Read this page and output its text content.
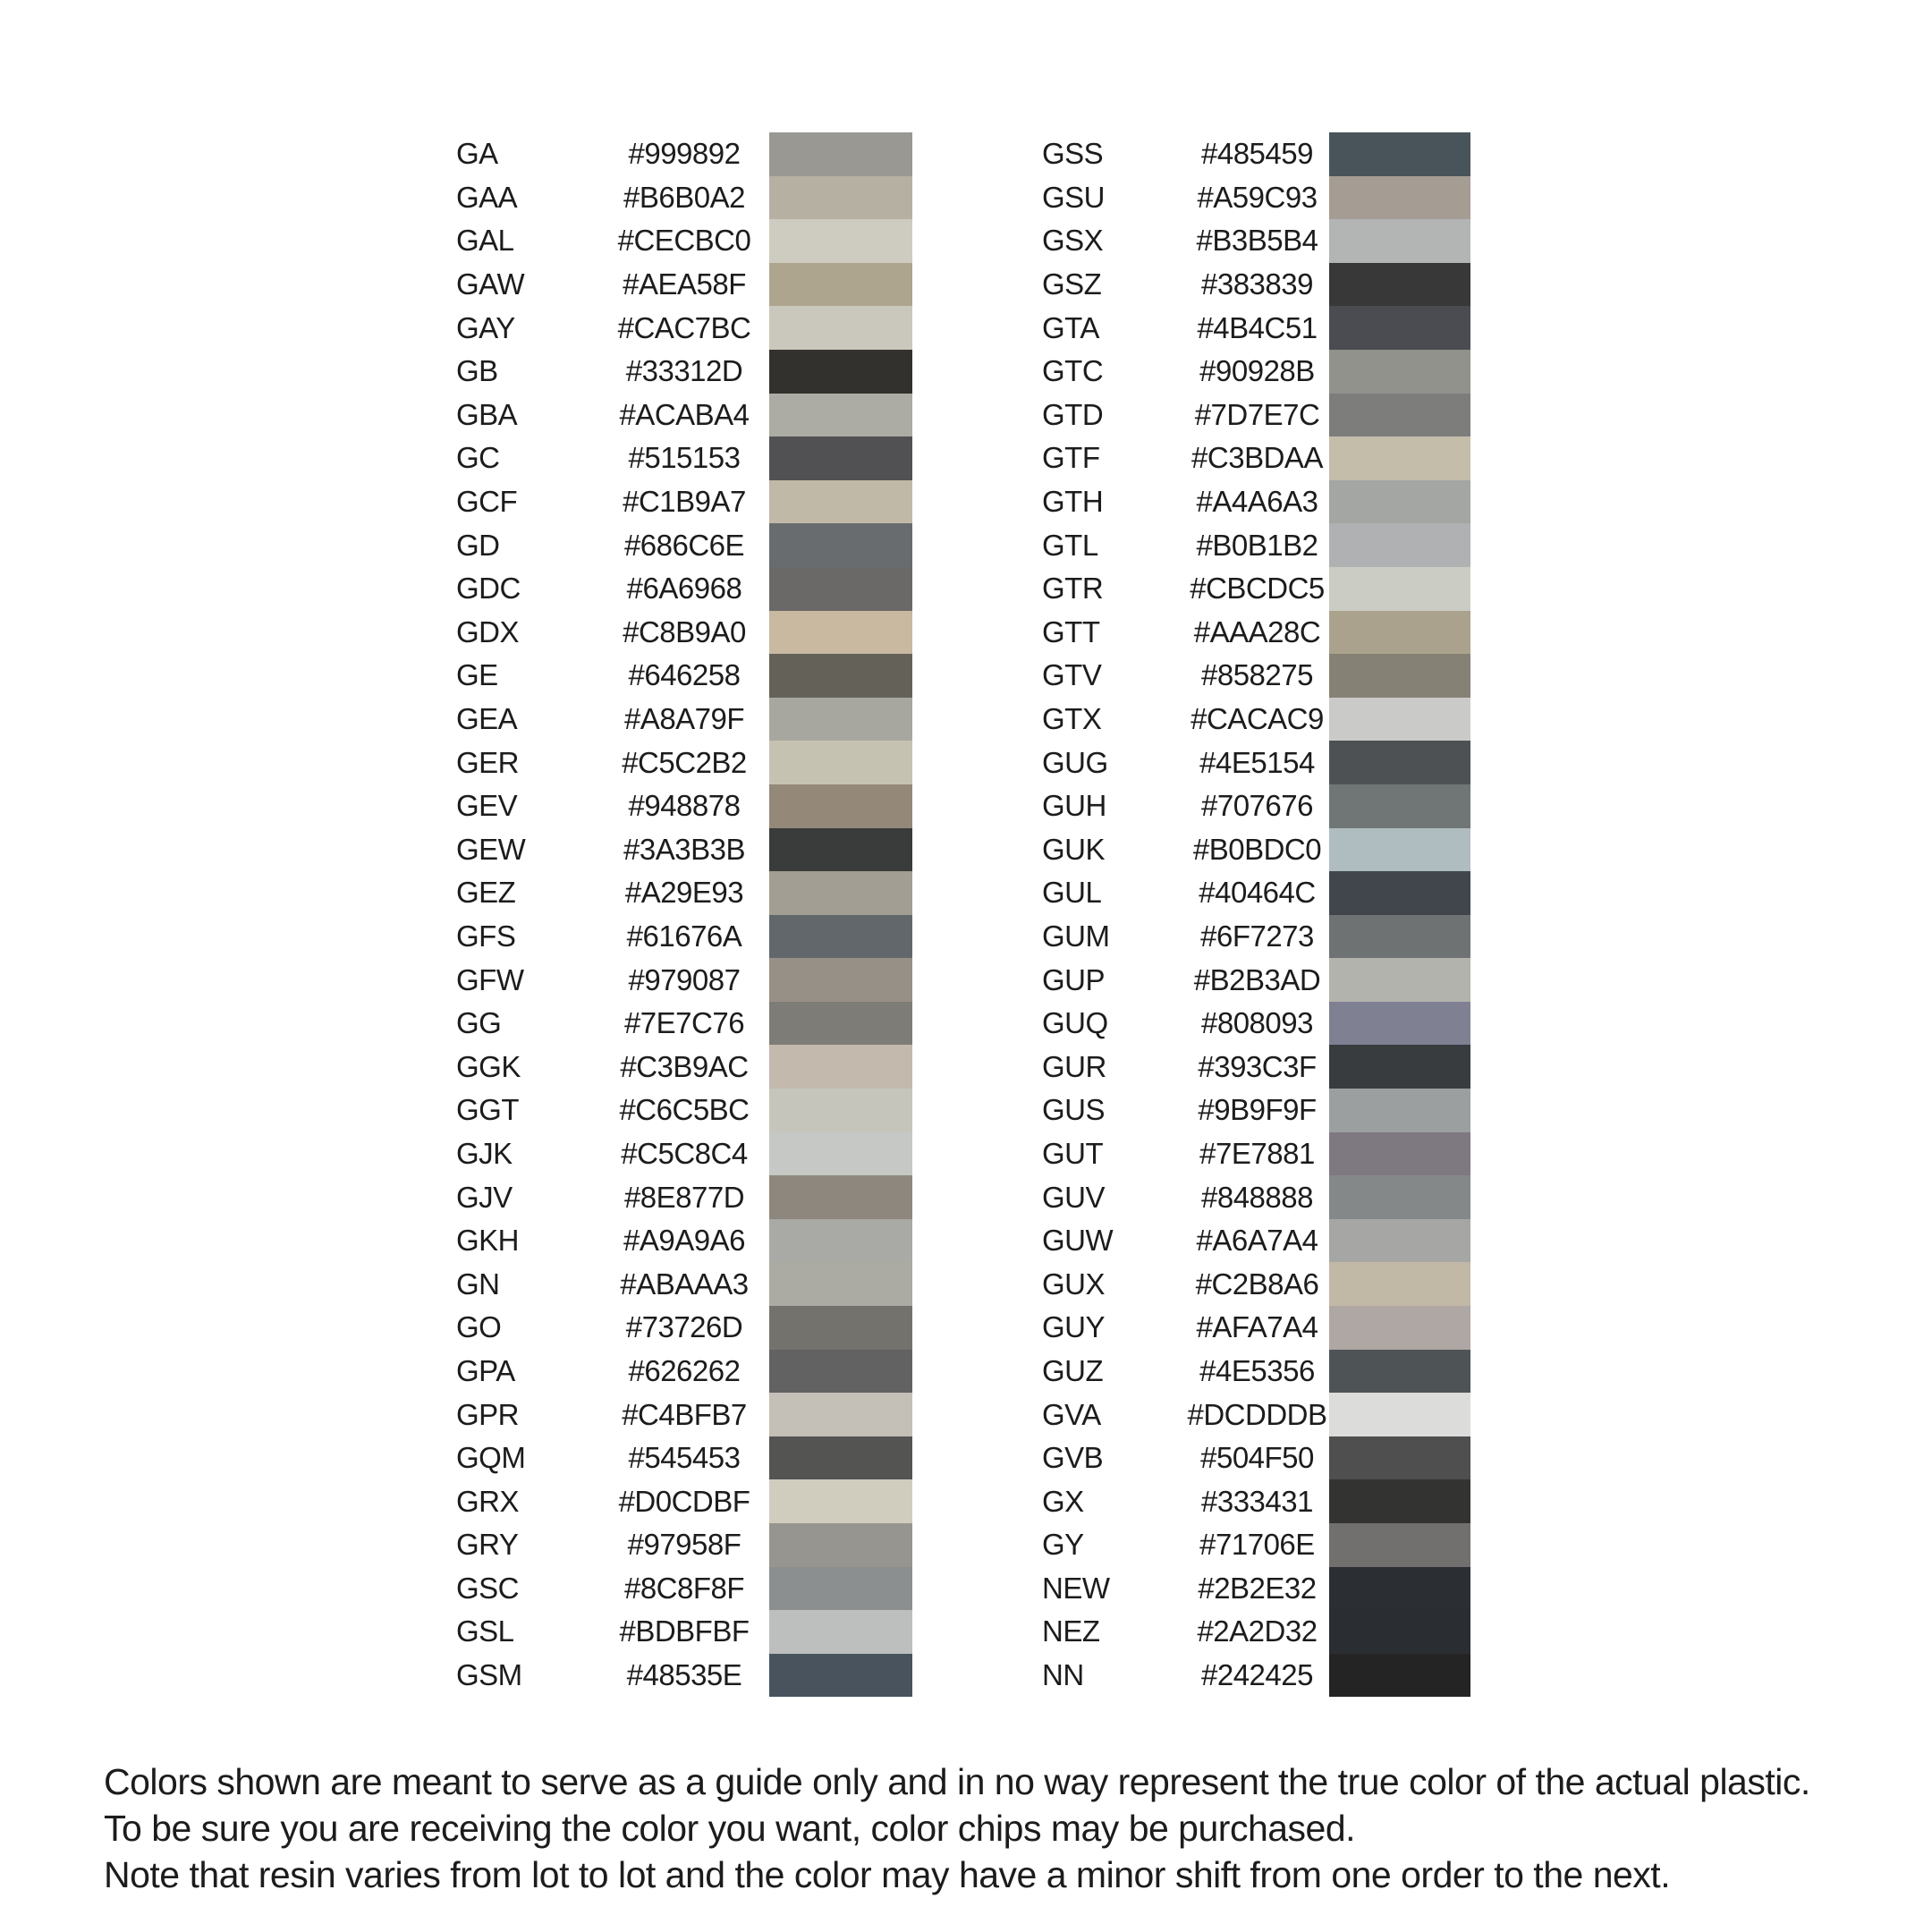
GA	#999892
GAA	#B6B0A2
GAL	#CECBC0
GAW	#AEA58F
GAY	#CAC7BC
GB	#33312D
GBA	#ACABA4
GC	#515153
GCF	#C1B9A7
GD	#686C6E
GDC	#6A6968
GDX	#C8B9A0
GE	#646258
GEA	#A8A79F
GER	#C5C2B2
GEV	#948878
GEW	#3A3B3B
GEZ	#A29E93
GFS	#61676A
GFW	#979087
GG	#7E7C76
GGK	#C3B9AC
GGT	#C6C5BC
GJK	#C5C8C4
GJV	#8E877D
GKH	#A9A9A6
GN	#ABAAA3
GO	#73726D
GPA	#626262
GPR	#C4BFB7
GQM	#545453
GRX	#D0CDBF
GRY	#97958F
GSC	#8C8F8F
GSL	#BDBFBF
GSM	#48535E
GSS	#485459
GSU	#A59C93
GSX	#B3B5B4
GSZ	#383839
GTA	#4B4C51
GTC	#90928B
GTD	#7D7E7C
GTF	#C3BDAA
GTH	#A4A6A3
GTL	#B0B1B2
GTR	#CBCDC5
GTT	#AAA28C
GTV	#858275
GTX	#CACAC9
GUG	#4E5154
GUH	#707676
GUK	#B0BDC0
GUL	#40464C
GUM	#6F7273
GUP	#B2B3AD
GUQ	#808093
GUR	#393C3F
GUS	#9B9F9F
GUT	#7E7881
GUV	#848888
GUW	#A6A7A4
GUX	#C2B8A6
GUY	#AFA7A4
GUZ	#4E5356
GVA	#DCDDDB
GVB	#504F50
GX	#333431
GY	#71706E
NEW	#2B2E32
NEZ	#2A2D32
NN	#242425

Colors shown are meant to serve as a guide only and in no way represent the true color of the actual plastic.

To be sure you are receiving the color you want, color chips may be purchased.

Note that resin varies from lot to lot and the color may have a minor shift from one order to the next.
